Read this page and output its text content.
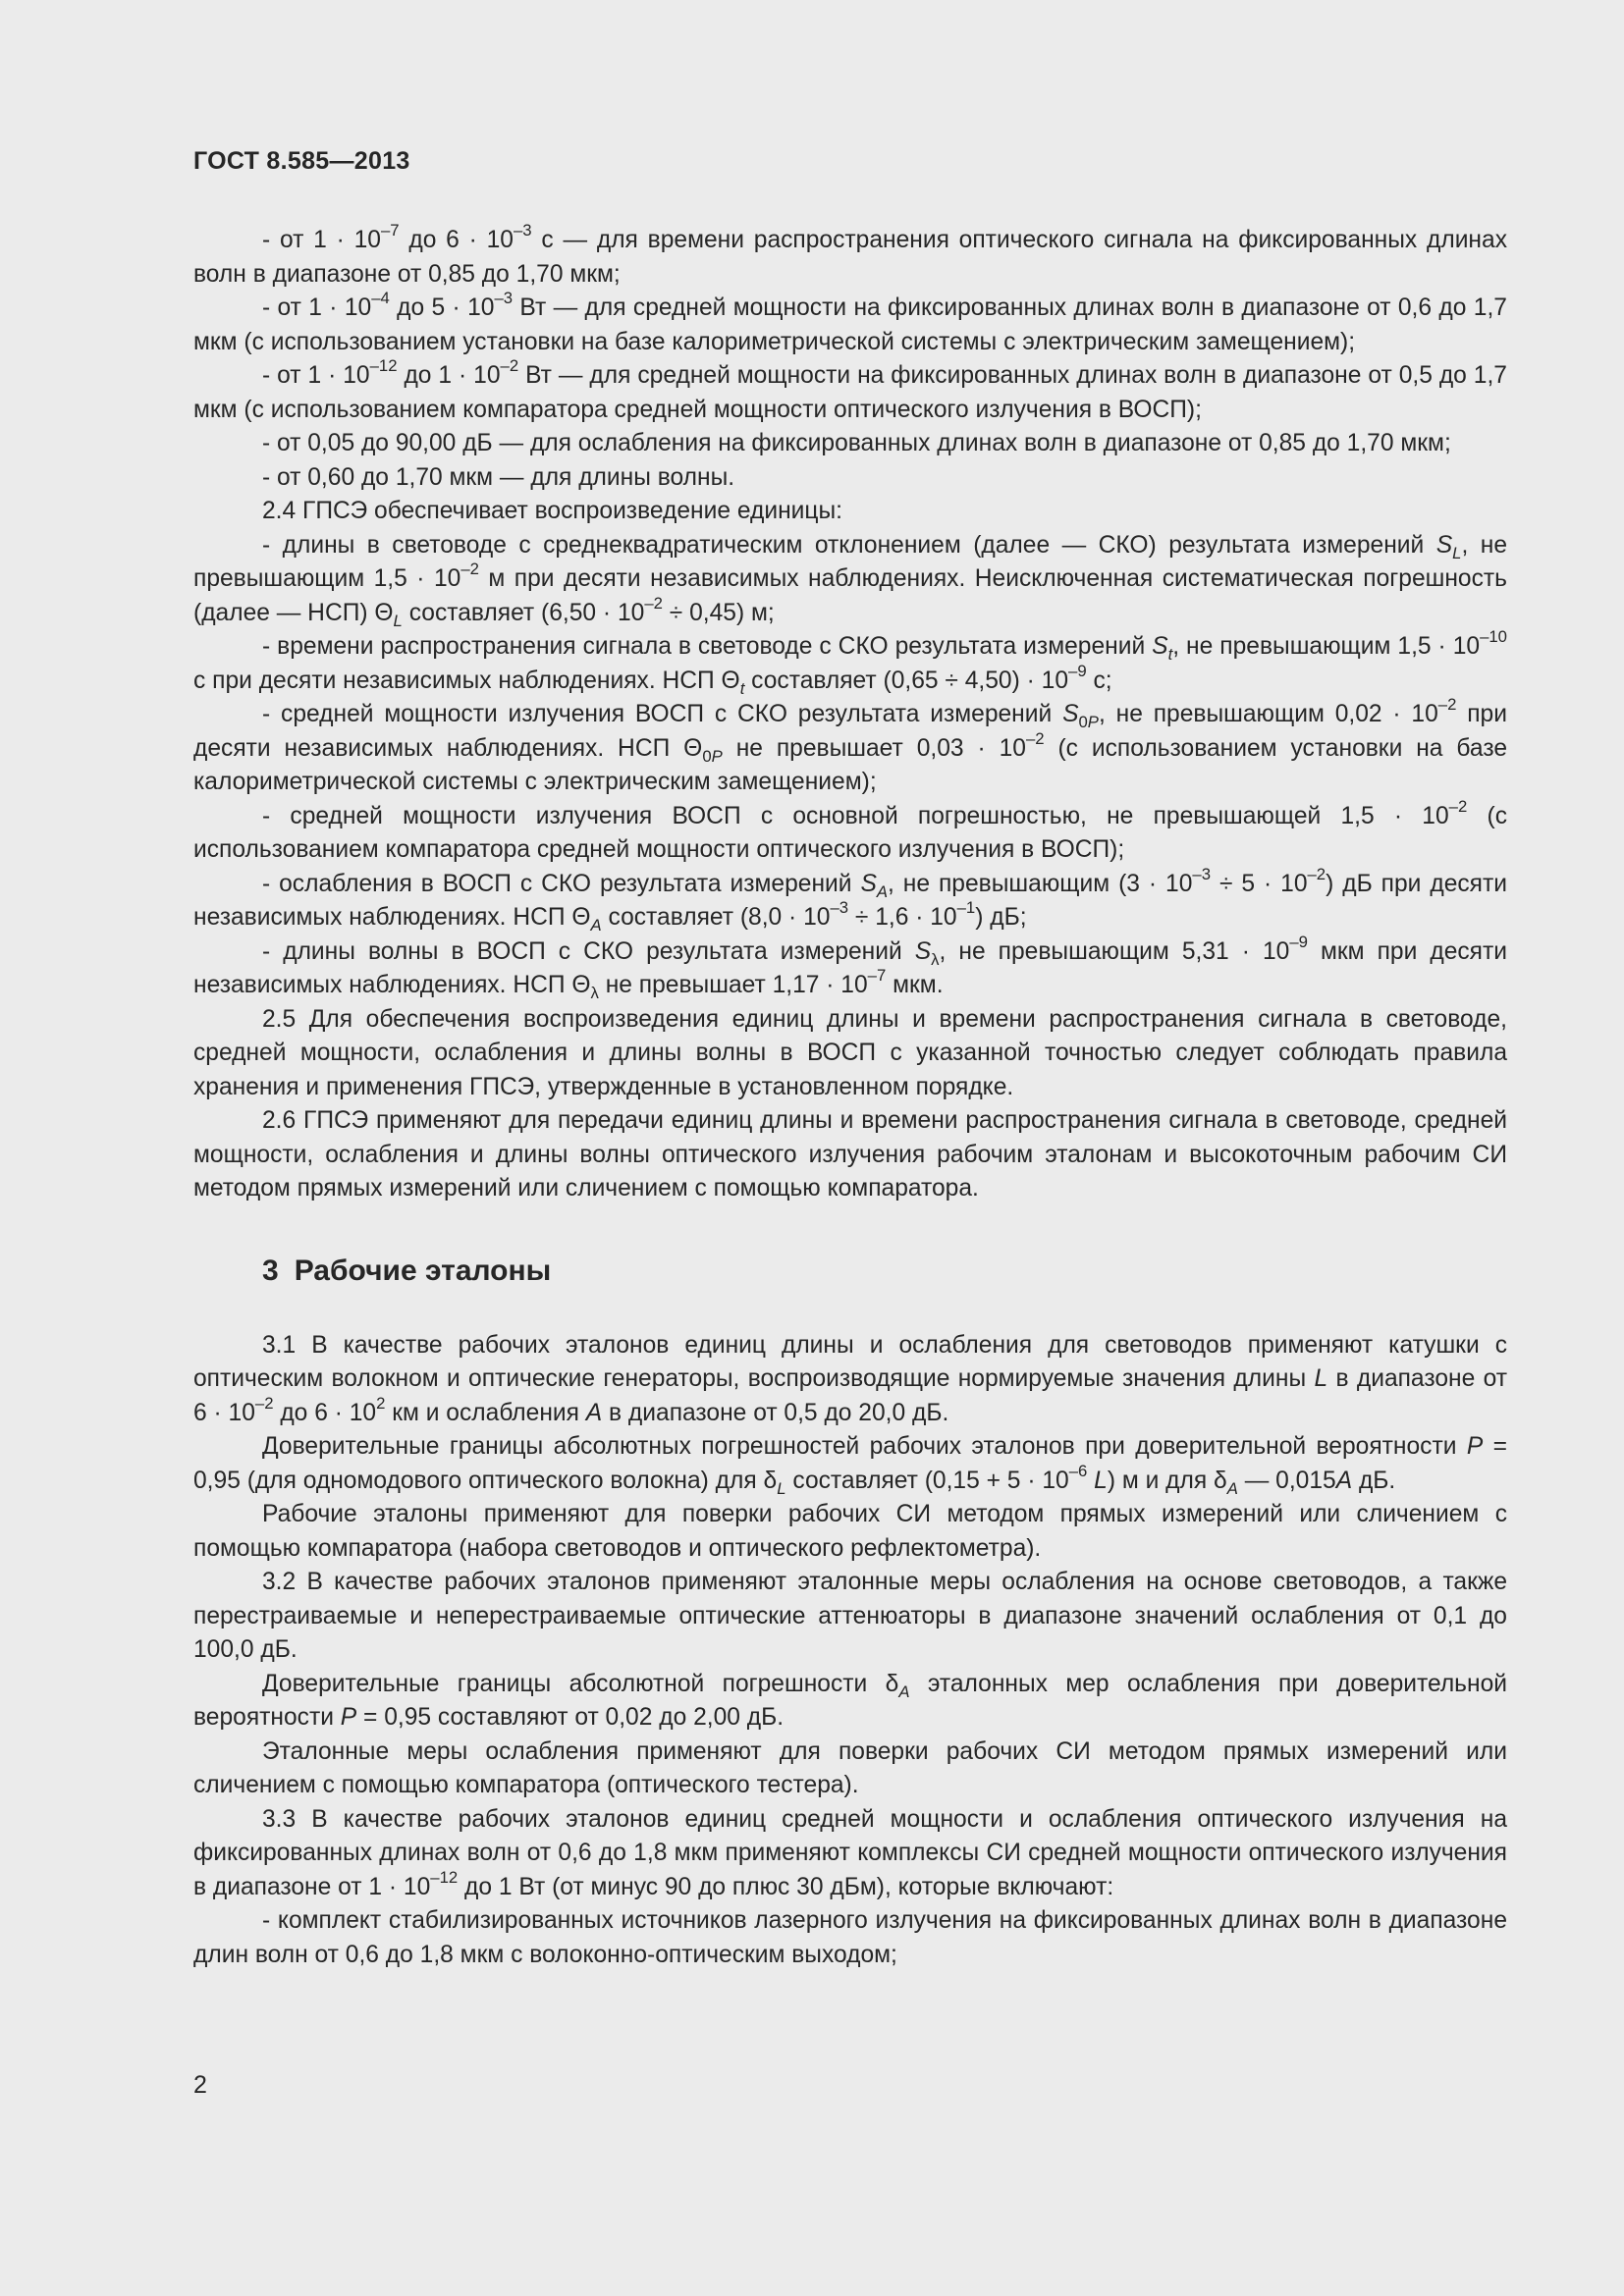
ГОСТ 8.585—2013

- от $1 \cdot 10^{-7}$ до $6 \cdot 10^{-3}$ с — для времени распространения оптического сигнала на фиксированных длинах волн в диапазоне от 0,85 до 1,70 мкм;

- от $1 \cdot 10^{-4}$ до $5 \cdot 10^{-3}$ Вт — для средней мощности на фиксированных длинах волн в диапазоне от 0,6 до 1,7 мкм (с использованием установки на базе калориметрической системы с электрическим замещением);

- от $1 \cdot 10^{-12}$ до $1 \cdot 10^{-2}$ Вт — для средней мощности на фиксированных длинах волн в диапазоне от 0,5 до 1,7 мкм (с использованием компаратора средней мощности оптического излучения в ВОСП);

- от 0,05 до 90,00 дБ — для ослабления на фиксированных длинах волн в диапазоне от 0,85 до 1,70 мкм;

- от 0,60 до 1,70 мкм — для длины волны.

2.4 ГПСЭ обеспечивает воспроизведение единицы:

- длины в световоде с среднеквадратическим отклонением (далее — СКО) результата измерений $S_L$, не превышающим $1,5 \cdot 10^{-2}$ м при десяти независимых наблюдениях. Неисключенная систематическая погрешность (далее — НСП) $\Theta_L$ составляет $(6,50 \cdot 10^{-2} \div 0,45)$ м;

- времени распространения сигнала в световоде с СКО результата измерений $S_t$, не превышающим $1,5 \cdot 10^{-10}$ с при десяти независимых наблюдениях. НСП $\Theta_t$ составляет $(0,65 \div 4,50) \cdot 10^{-9}$ с;

- средней мощности излучения ВОСП с СКО результата измерений $S_{0P}$, не превышающим $0,02 \cdot 10^{-2}$ при десяти независимых наблюдениях. НСП $\Theta_{0P}$ не превышает $0,03 \cdot 10^{-2}$ (с использованием установки на базе калориметрической системы с электрическим замещением);

- средней мощности излучения ВОСП с основной погрешностью, не превышающей $1,5 \cdot 10^{-2}$ (с использованием компаратора средней мощности оптического излучения в ВОСП);

- ослабления в ВОСП с СКО результата измерений $S_A$, не превышающим $(3 \cdot 10^{-3} \div 5 \cdot 10^{-2})$ дБ при десяти независимых наблюдениях. НСП $\Theta_A$ составляет $(8,0 \cdot 10^{-3} \div 1,6 \cdot 10^{-1})$ дБ;

- длины волны в ВОСП с СКО результата измерений $S_\lambda$, не превышающим $5,31 \cdot 10^{-9}$ мкм при десяти независимых наблюдениях. НСП $\Theta_\lambda$ не превышает $1,17 \cdot 10^{-7}$ мкм.

2.5 Для обеспечения воспроизведения единиц длины и времени распространения сигнала в световоде, средней мощности, ослабления и длины волны в ВОСП с указанной точностью следует соблюдать правила хранения и применения ГПСЭ, утвержденные в установленном порядке.

2.6 ГПСЭ применяют для передачи единиц длины и времени распространения сигнала в световоде, средней мощности, ослабления и длины волны оптического излучения рабочим эталонам и высокоточным рабочим СИ методом прямых измерений или сличением с помощью компаратора.

3 Рабочие эталоны

3.1 В качестве рабочих эталонов единиц длины и ослабления для световодов применяют катушки с оптическим волокном и оптические генераторы, воспроизводящие нормируемые значения длины L в диапазоне от $6 \cdot 10^{-2}$ до $6 \cdot 10^2$ км и ослабления A в диапазоне от 0,5 до 20,0 дБ.

Доверительные границы абсолютных погрешностей рабочих эталонов при доверительной вероятности P = 0,95 (для одномодового оптического волокна) для $\delta_L$ составляет ($0,15 + 5 \cdot 10^{-6}$ L) м и для $\delta_A$ — 0,015A дБ.

Рабочие эталоны применяют для поверки рабочих СИ методом прямых измерений или сличением с помощью компаратора (набора световодов и оптического рефлектометра).

3.2 В качестве рабочих эталонов применяют эталонные меры ослабления на основе световодов, а также перестраиваемые и неперестраиваемые оптические аттенюаторы в диапазоне значений ослабления от 0,1 до 100,0 дБ.

Доверительные границы абсолютной погрешности $\delta_A$ эталонных мер ослабления при доверительной вероятности P = 0,95 составляют от 0,02 до 2,00 дБ.

Эталонные меры ослабления применяют для поверки рабочих СИ методом прямых измерений или сличением с помощью компаратора (оптического тестера).

3.3 В качестве рабочих эталонов единиц средней мощности и ослабления оптического излучения на фиксированных длинах волн от 0,6 до 1,8 мкм применяют комплексы СИ средней мощности оптического излучения в диапазоне от $1 \cdot 10^{-12}$ до 1 Вт (от минус 90 до плюс 30 дБм), которые включают:

- комплект стабилизированных источников лазерного излучения на фиксированных длинах волн в диапазоне длин волн от 0,6 до 1,8 мкм с волоконно-оптическим выходом;

2
